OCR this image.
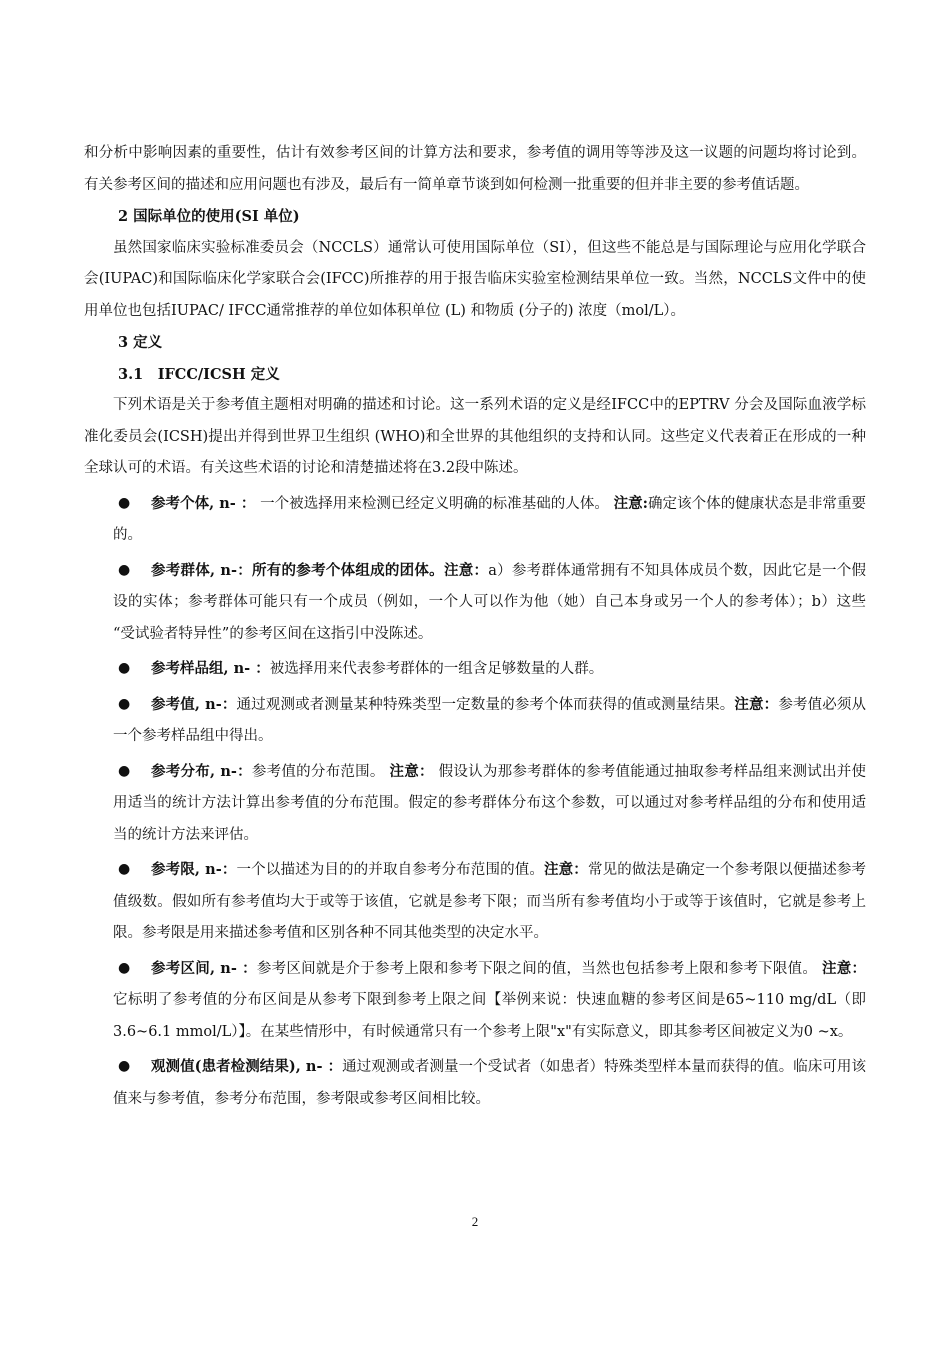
和分析中影响因素的重要性，估计有效参考区间的计算方法和要求，参考值的调用等等涉及这一议题的问题均将讨论到。有关参考区间的描述和应用问题也有涉及，最后有一简单章节谈到如何检测一批重要的但并非主要的参考值话题。

2 国际单位的使用(SI 单位)

虽然国家临床实验标准委员会（NCCLS）通常认可使用国际单位（SI），但这些不能总是与国际理论与应用化学联合会(IUPAC)和国际临床化学家联合会(IFCC)所推荐的用于报告临床实验室检测结果单位一致。当然，NCCLS文件中的使用单位也包括IUPAC/ IFCC通常推荐的单位如体积单位 (L) 和物质 (分子的) 浓度（mol/L）。

3 定义

3.1　IFCC/ICSH 定义

下列术语是关于参考值主题相对明确的描述和讨论。这一系列术语的定义是经IFCC中的EPTRV 分会及国际血液学标准化委员会(ICSH)提出并得到世界卫生组织 (WHO)和全世界的其他组织的支持和认同。这些定义代表着正在形成的一种全球认可的术语。有关这些术语的讨论和清楚描述将在3.2段中陈述。

● 参考个体, n- ： 一个被选择用来检测已经定义明确的标准基础的人体。 注意:确定该个体的健康状态是非常重要的。
● 参考群体, n-：所有的参考个体组成的团体。注意：a）参考群体通常拥有不知具体成员个数，因此它是一个假设的实体；参考群体可能只有一个成员（例如，一个人可以作为他（她）自己本身或另一个人的参考体）；b）这些 “受试验者特异性”的参考区间在这指引中没陈述。
● 参考样品组, n- ：被选择用来代表参考群体的一组含足够数量的人群。
● 参考值, n-：通过观测或者测量某种特殊类型一定数量的参考个体而获得的值或测量结果。注意：参考值必须从一个参考样品组中得出。
● 参考分布, n-：参考值的分布范围。 注意： 假设认为那参考群体的参考值能通过抽取参考样品组来测试出并使用适当的统计方法计算出参考值的分布范围。假定的参考群体分布这个参数，可以通过对参考样品组的分布和使用适当的统计方法来评估。
● 参考限, n-：一个以描述为目的的并取自参考分布范围的值。注意：常见的做法是确定一个参考限以便描述参考值级数。假如所有参考值均大于或等于该值，它就是参考下限；而当所有参考值均小于或等于该值时，它就是参考上限。参考限是用来描述参考值和区别各种不同其他类型的决定水平。
● 参考区间, n- ：参考区间就是介于参考上限和参考下限之间的值，当然也包括参考上限和参考下限值。 注意：它标明了参考值的分布区间是从参考下限到参考上限之间【举例来说：快速血糖的参考区间是65~110 mg/dL（即3.6~6.1 mmol/L）】。在某些情形中，有时候通常只有一个参考上限"x"有实际意义，即其参考区间被定义为0 ~x。
● 观测值(患者检测结果), n- ：通过观测或者测量一个受试者（如患者）特殊类型样本量而获得的值。临床可用该值来与参考值，参考分布范围，参考限或参考区间相比较。
2
